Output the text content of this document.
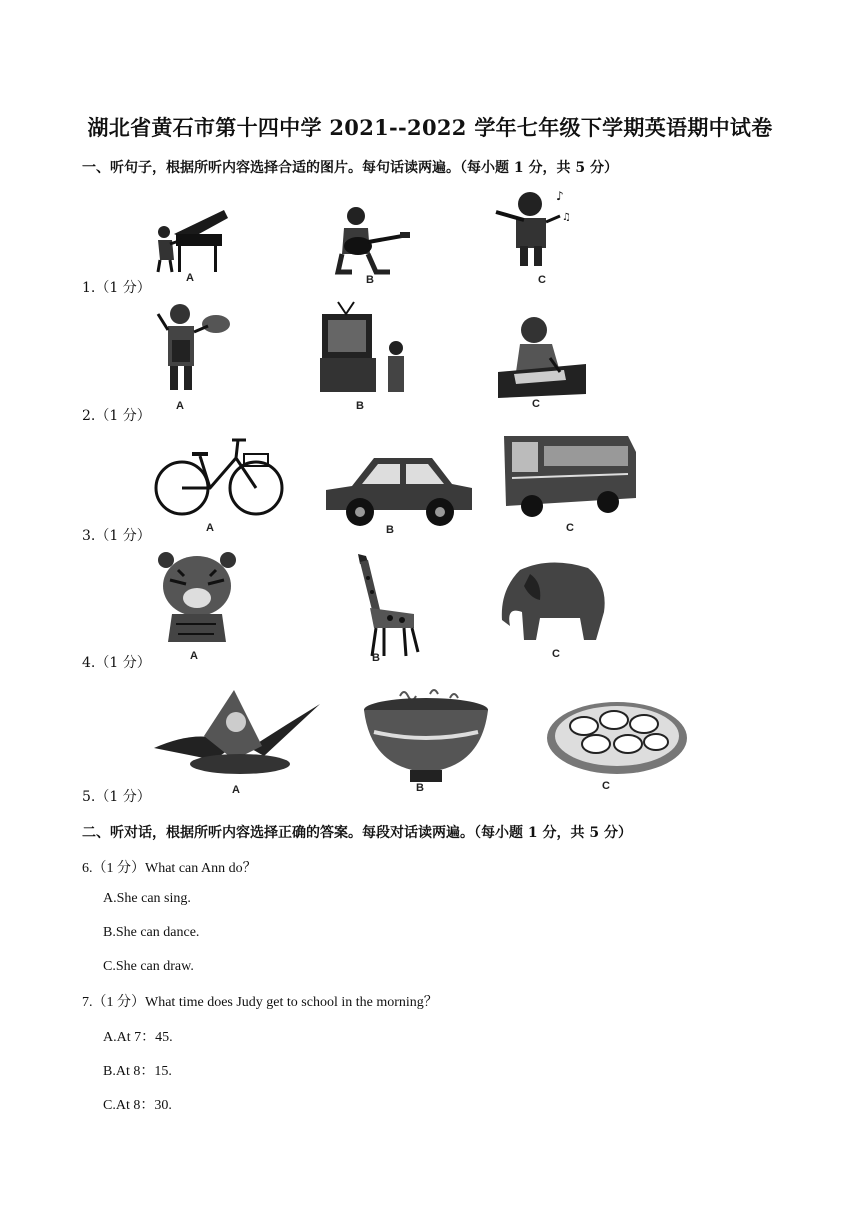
湖北省黄石市第十四中学 2021--2022 学年七年级下学期英语期中试卷
一、听句子，根据所听内容选择合适的图片。每句话读两遍。（每小题 1 分，共 5 分）
A	B
♪
♫
C
1.（1 分）
A	B	C
2.（1 分）
A	B	C
3.（1 分）
A	B	C
4.（1 分）
A	B	C
5.（1 分）
二、听对话，根据所听内容选择正确的答案。每段对话读两遍。（每小题 1 分，共 5 分）
6.（1 分）What can Ann do？
A.She can sing.
B.She can dance.
C.She can draw.
7.（1 分）What time does Judy get to school in the morning？
A.At 7：45.
B.At 8：15.
C.At 8：30.
